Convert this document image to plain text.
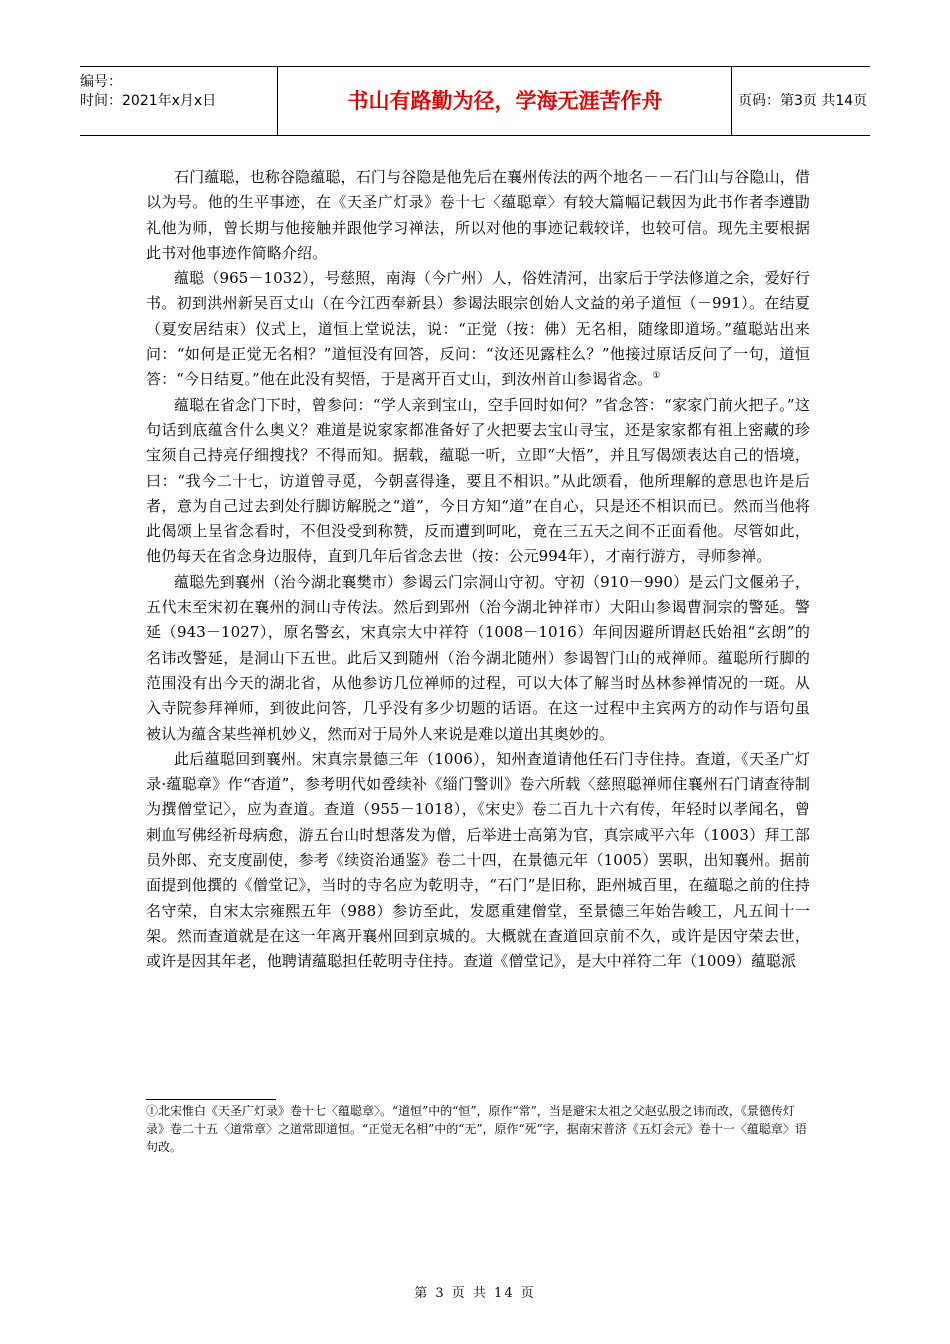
编号：
时间：2021年x月x日	书山有路勤为径，学海无涯苦作舟	页码：第3页 共14页

石门蕴聪，也称谷隐蕴聪，石门与谷隐是他先后在襄州传法的两个地名－－石门山与谷隐山，借以为号。他的生平事迹，在《天圣广灯录》卷十七〈蕴聪章〉有较大篇幅记载因为此书作者李遵勖礼他为师，曾长期与他接触并跟他学习禅法，所以对他的事迹记载较详，也较可信。现先主要根据此书对他事迹作简略介绍。

蕴聪（965－1032），号慈照，南海（今广州）人，俗姓清河，出家后于学法修道之余，爱好行书。初到洪州新吴百丈山（在今江西奉新县）参谒法眼宗创始人文益的弟子道恒（－991）。在结夏（夏安居结束）仪式上，道恒上堂说法，说：“正觉（按：佛）无名相，随缘即道场。”蕴聪站出来问：“如何是正觉无名相？”道恒没有回答，反问：“汝还见露柱么？”他接过原话反问了一句，道恒答：“今日结夏。”他在此没有契悟，于是离开百丈山，到汝州首山参谒省念。①

蕴聪在省念门下时，曾参问：“学人亲到宝山，空手回时如何？”省念答：“家家门前火把子。”这句话到底蕴含什么奥义？难道是说家家都准备好了火把要去宝山寻宝，还是家家都有祖上密藏的珍宝须自己持亮仔细搜找？不得而知。据载，蕴聪一听，立即“大悟”，并且写偈颂表达自己的悟境，曰：“我今二十七，访道曾寻觅，今朝喜得逢，要且不相识。”从此颂看，他所理解的意思也许是后者，意为自己过去到处行脚访解脱之“道”，今日方知“道”在自心，只是还不相识而已。然而当他将此偈颂上呈省念看时，不但没受到称赞，反而遭到呵叱，竟在三五天之间不正面看他。尽管如此，他仍每天在省念身边服侍，直到几年后省念去世（按：公元994年），才南行游方，寻师参禅。

蕴聪先到襄州（治今湖北襄樊市）参谒云门宗洞山守初。守初（910－990）是云门文偃弟子，五代末至宋初在襄州的洞山寺传法。然后到郢州（治今湖北钟祥市）大阳山参谒曹洞宗的警延。警延（943－1027），原名警玄，宋真宗大中祥符（1008－1016）年间因避所谓赵氏始祖“玄朗”的名讳改警延，是洞山下五世。此后又到随州（治今湖北随州）参谒智门山的戒禅师。蕴聪所行脚的范围没有出今天的湖北省，从他参访几位禅师的过程，可以大体了解当时丛林参禅情况的一斑。从入寺院参拜禅师，到彼此问答，几乎没有多少切题的话语。在这一过程中主宾两方的动作与语句虽被认为蕴含某些禅机妙义，然而对于局外人来说是难以道出其奥妙的。

此后蕴聪回到襄州。宋真宗景德三年（1006），知州查道请他任石门寺住持。查道，《天圣广灯录·蕴聪章》作“杳道”，参考明代如卺续补《缁门警训》卷六所载〈慈照聪禅师住襄州石门请查待制为撰僧堂记〉，应为查道。查道（955－1018），《宋史》卷二百九十六有传，年轻时以孝闻名，曾刺血写佛经祈母病愈，游五台山时想落发为僧，后举进士高第为官，真宗咸平六年（1003）拜工部员外郎、充支度副使，参考《续资治通鉴》卷二十四，在景德元年（1005）罢职，出知襄州。据前面提到他撰的《僧堂记》，当时的寺名应为乾明寺，“石门”是旧称，距州城百里，在蕴聪之前的住持名守荣，自宋太宗雍熙五年（988）参访至此，发愿重建僧堂，至景德三年始告峻工，凡五间十一架。然而查道就是在这一年离开襄州回到京城的。大概就在查道回京前不久，或许是因守荣去世，或许是因其年老，他聘请蕴聪担任乾明寺住持。查道《僧堂记》，是大中祥符二年（1009）蕴聪派

①北宋惟白《天圣广灯录》卷十七〈蕴聪章〉。“道恒”中的“恒”，原作“常”，当是避宋太祖之父赵弘殷之讳而改，《景德传灯录》卷二十五〈道常章〉之道常即道恒。“正觉无名相”中的“无”，原作“死”字，据南宋普济《五灯会元》卷十一〈蕴聪章〉语句改。

第 3 页 共 14 页
